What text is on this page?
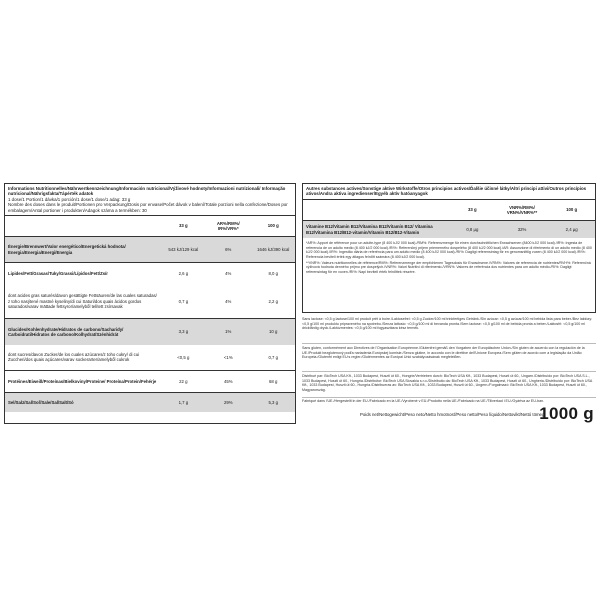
Informations Nutritionnelles/Nährwertkennzeichnung/Información nutricional/Výživové hodnoty/Informazioni nutrizionali/ Informação nutricional/Nährigsfakta/Tápérték adatok
1 dose/1 Portion/1 dávka/1 porción/1 dose/1 dose/1 adag: 33 g
Nombre des doses dans le produit/Portionen pro Verpackung/Dosis por envase/Počet dávok v balení/Totale porzioni nella confezione/Doses por embalagem/Antal portioner i produkten/Adagok száma a termékben: 30
	33 g	AR%/RM%/ IR%/VR%*	100 g
Énergie/Brennwert/Valor energético/Energetická hodnota/ Energia/Energia/Energi/Energia	543 kJ/129 kcal	6%	1646 kJ/390 kcal
Lipides/Fett/Grasas/Tuky/Grassi/Lípidos/Fett/Zsír	2,6 g	4%	8,0 g
dont acides gras saturés/davon gesättigte Fettsäuren/de las cuales saturadas/ z toho nasýtené mastné kyseliny/di cui Saturi/dos quais ácidos gordos saturados/varav mättade fettsyror/amelyből telített zsírsavak	0,7 g	4%	2,2 g
Glucides/Kohlenhydrate/Hidratos de carbono/Sacharidy/ Carboidrati/Hidratos de carbono/Kolhydrat/Szénhidrát	3,3 g	1%	10 g
dont sucres/davon Zucker/de los cuales azúcares/z toho cukry/ di cui Zuccheri/dos quais açúcares/varav sockerarter/amelyből cukrok	<0,5 g	<1%	0,7 g
Protéines/Eiweiß/Proteínas/Bielkoviny/Proteine/ Proteína/Protein/Fehérje	22 g	45%	68 g
Sel/Salz/Sal/Soľ/Sale/Sal/Salt/Só	1,7 g	29%	5,3 g
Autres substances actives/Sonstige aktive Wirkstoffe/Otros principios activos/Ďalšie účinné látky/Altri principi attivi/Outros princípios ativos/Andra aktiva ingredienser/Egyéb aktív hatóanyagok
	33 g	VNR%/RM%/ VRN%/VNR%**	100 g
Vitamine B12/Vitamin B12/Vitamina B12/Vitamín B12/ Vitamina B12/Vitamina B12/B12-vitamin/Vitamin B12/B12-Vitamin	0,8 µg	32%	2,4 µg
*AR%: Apport de référence pour un adulte-type (8 400 kJ/2 000 kcal)./RM%: Referenzmenge für einen durchschnittlichen Erwachsenen (8400 kJ/2 000 kcal)./IR%: Ingesta de referencia de un adulto medio (8 400 kJ/2 000 kcal)./RI%: Referenčný príjem priemerného dospelého (8 400 kJ/2 000 kcal)./AR: Assunzione di riferimento di un adulto medio (8 400 kJ/2 000 kcal)./IR%: Ingestão diária de referência para um adulto medio (8 400 kJ/2 000 kcal)./RI%: Dagligt referensintag för en genomsnittlig vuxen (8 400 kJ/2 000 kcal)./RI%: Referencia beviteli érték egy átlagos felnőtt számára (8 400 kJ/2 000 kcal).
**VNR%: Valeurs nutritionnelles de référence/RM%: Referenzmenge der empfohlenen Tagesdosis für Erwachsene./VRN%: Valores de referencia de nutrientes/RVH%: Referenčná výživová hodnota denného príjmu pre dospelých./VNR%: Valori Nutritivi di riferimento./VRN%: Valores de referência dos nutrientes para um adulto médio./RI%: Dagligt referensintag för en vuxen./RI%: Napi beviteli érték felnőttek részére.
Sans lactose: <0,5 g lactose/100 ml produit prêt à boire./Laktosefrei: <0,5 g Zucker/100 ml trinkfertiges Getränk./Sin azúcar: <0,5 g azúcar/100 ml bebida lista para beber./Bez laktózy: <0,5 g/100 ml produktu pripraveného na spotrebu./Senza lattosio: <0,5 g/100 ml di bevanda pronta./Sem lactose: <0,5 g/100 ml de bebida pronta a beber./Laktosfri: <0,5 g/100 ml drickfärdig dryck./Laktózmentes: <0,5 g/100 ml fogyasztásra kész termék.
Sans gluten, conformément aux Directives de l'Organisation Européenne./Glutenfrei gemäß den Vorgaben der Europäischen Union./Sin gluten de acuerdo con la regulación de la UE./Produkt bezglutenový podľa nariadenia Európskej komisie./Senza glutine, in accordo con le direttive dell'Unione Europea./Sem glúten de acordo com a legislação da União Europeia./Glutenfri enligt EU:s regler./Gluténmentes az Európai Unió szabályozásának megfelelően.
Distribué par: BioTech USA Kft., 1033 Budapest, Huszti út 60., Hongrie/Vertrieben durch: BioTech USA Kft., 1033 Budapest, Huszti út 60., Ungarn./Distribuido por: BioTech USA S.L., 1033 Budapest, Huszti út 60., Hungría./Distribútor: BioTech USA Slovakia s.r.o./Distribuito da: BioTech USA Kft., 1033 Budapest, Huszti út 60., Ungheria./Distribuído por: BioTech USA Kft., 1033 Budapest, Huszti út 60., Hungria./Distribueras av: BioTech USA Kft., 1033 Budapest, Huszti út 60., Ungern./Forgalmazó: BioTech USA Kft., 1033 Budapest, Huszti út 60., Magyarország.
Fabriqué dans l'UE./Hergestellt in der EU./Fabricado en la UE./Vyrobené v EÚ./Prodotto nella UE./Fabricado na UE./Tillverkad i EU./Gyártva az EU-ban.
Poids net/Nettogewicht/Peso neto/Netto hmotnosť/Peso netto/Peso líquido/Nettovikt/Nettó tömeg:
1000 g
